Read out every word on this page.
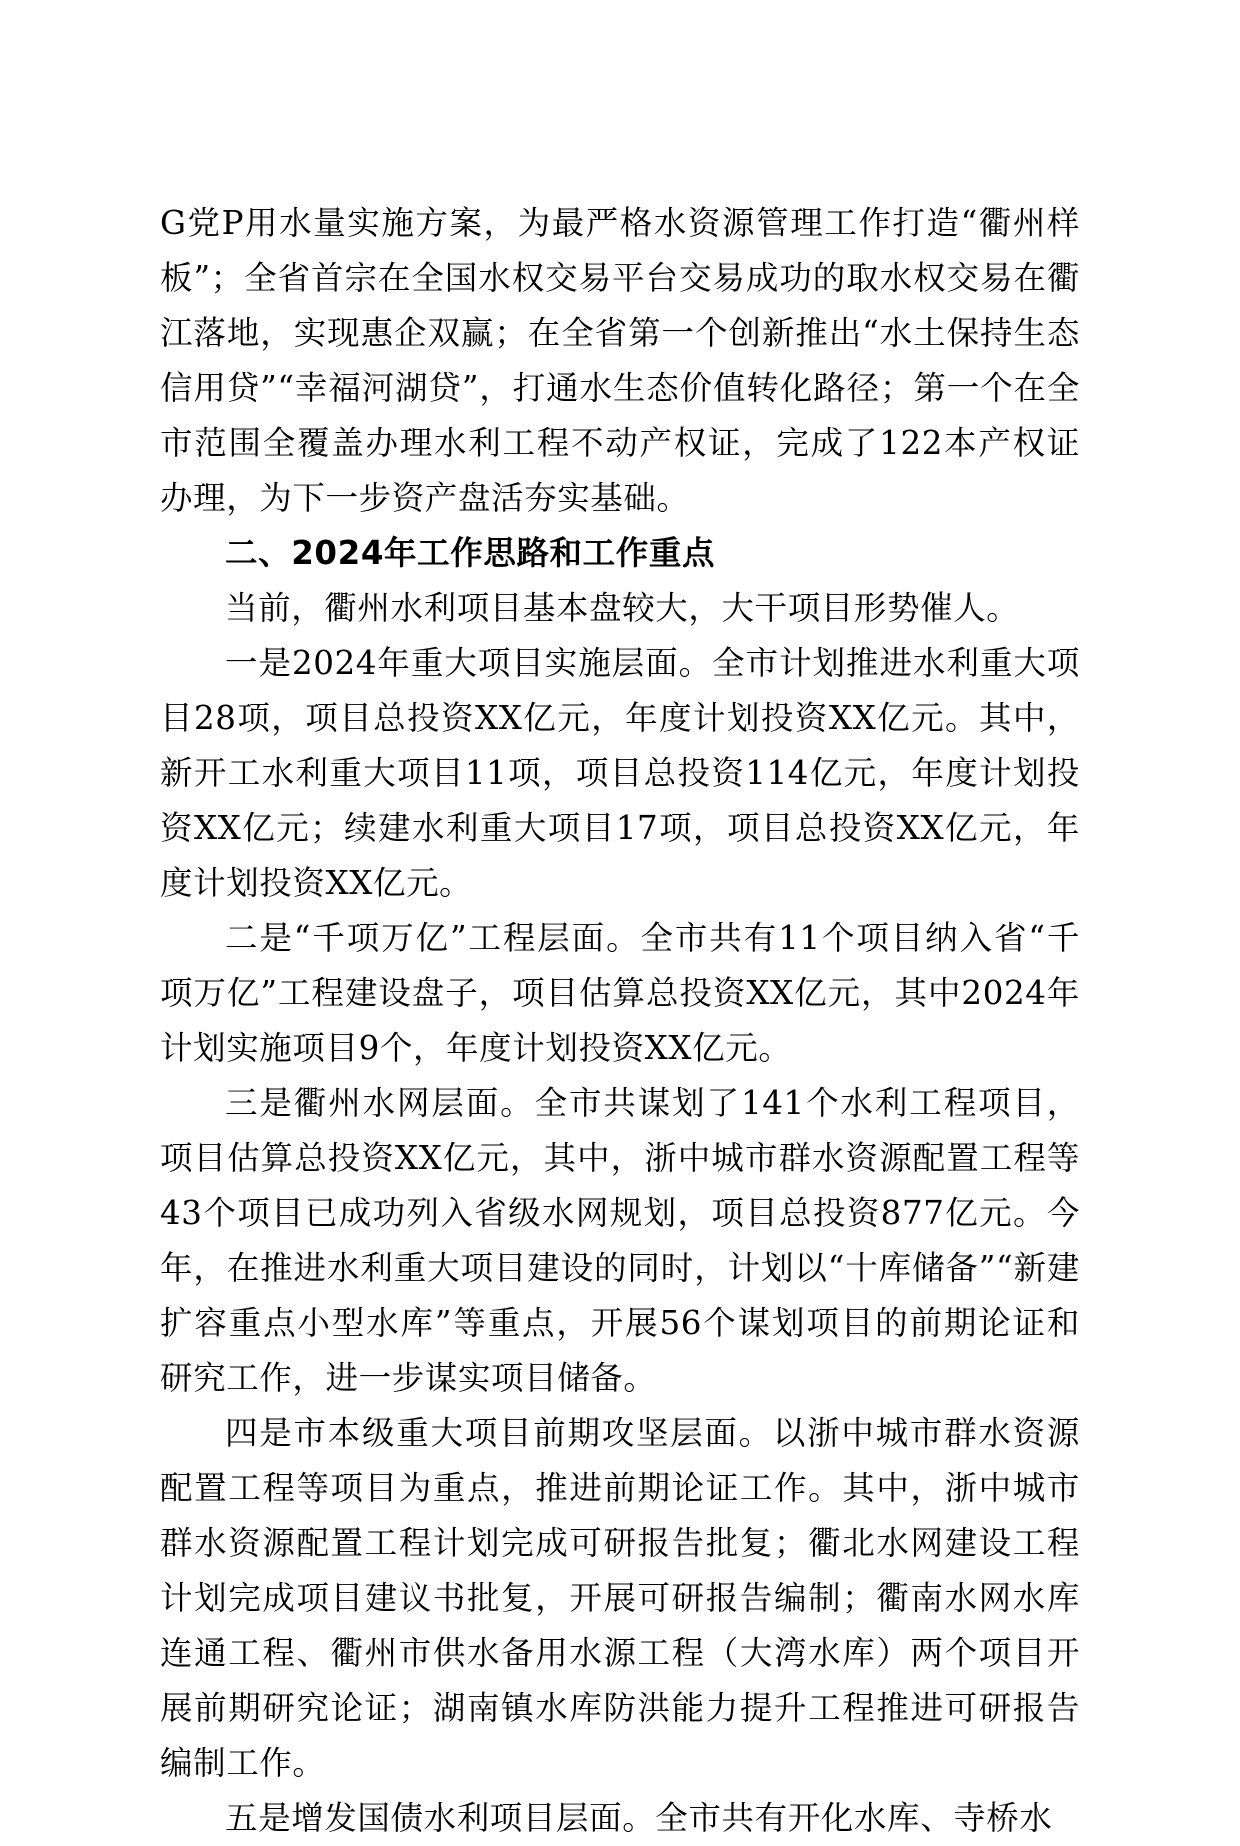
G党P用水量实施方案，为最严格水资源管理工作打造“衢州样板”；全省首宗在全国水权交易平台交易成功的取水权交易在衢江落地，实现惠企双赢；在全省第一个创新推出“水土保持生态信用贷”“幸福河湖贷”，打通水生态价值转化路径；第一个在全市范围全覆盖办理水利工程不动产权证，完成了122本产权证办理，为下一步资产盘活夯实基础。

二、2024年工作思路和工作重点

当前，衢州水利项目基本盘较大，大干项目形势催人。

一是2024年重大项目实施层面。全市计划推进水利重大项目28项，项目总投资XX亿元，年度计划投资XX亿元。其中，新开工水利重大项目11项，项目总投资114亿元，年度计划投资XX亿元；续建水利重大项目17项，项目总投资XX亿元，年度计划投资XX亿元。

二是“千项万亿”工程层面。全市共有11个项目纳入省“千项万亿”工程建设盘子，项目估算总投资XX亿元，其中2024年计划实施项目9个，年度计划投资XX亿元。

三是衢州水网层面。全市共谋划了141个水利工程项目，项目估算总投资XX亿元，其中，浙中城市群水资源配置工程等43个项目已成功列入省级水网规划，项目总投资877亿元。今年，在推进水利重大项目建设的同时，计划以“十库储备”“新建扩容重点小型水库”等重点，开展56个谋划项目的前期论证和研究工作，进一步谋实项目储备。

四是市本级重大项目前期攻坚层面。以浙中城市群水资源配置工程等项目为重点，推进前期论证工作。其中，浙中城市群水资源配置工程计划完成可研报告批复；衢北水网建设工程计划完成项目建议书批复，开展可研报告编制；衢南水网水库连通工程、衢州市供水备用水源工程（大湾水库）两个项目开展前期研究论证；湖南镇水库防洪能力提升工程推进可研报告编制工作。

五是增发国债水利项目层面。全市共有开化水库、寺桥水
